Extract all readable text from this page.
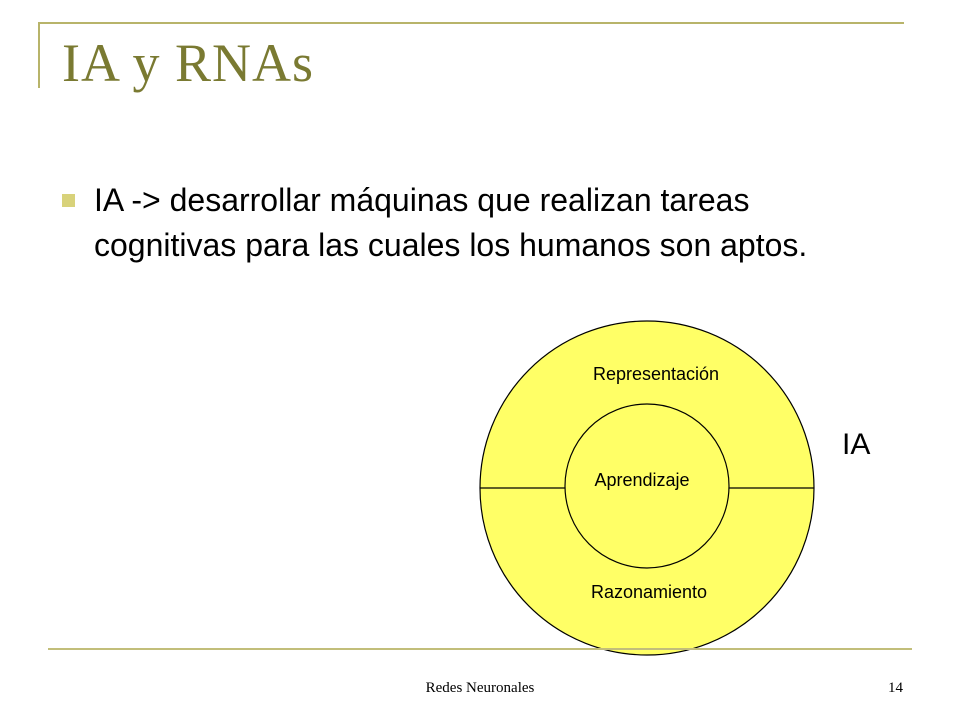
IA y RNAs

IA -> desarrollar máquinas que realizan tareas cognitivas para las cuales los humanos son aptos.

Representación
Aprendizaje
Razonamiento
IA
Redes Neuronales	14
